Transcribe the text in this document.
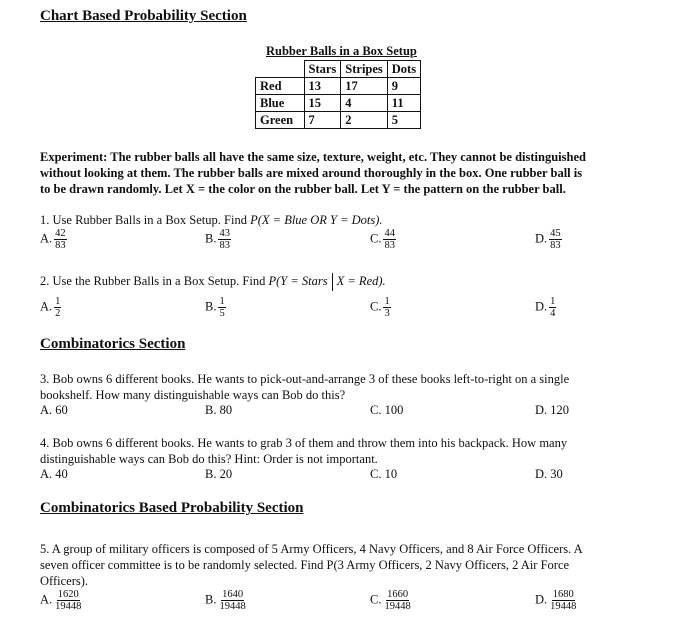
Chart Based Probability Section
Rubber Balls in a Box Setup
	Stars	Stripes	Dots
Red	13	17	9
Blue	15	4	11
Green	7	2	5
Experiment: The rubber balls all have the same size, texture, weight, etc. They cannot be distinguished
without looking at them. The rubber balls are mixed around thoroughly in the box. One rubber ball is
to be drawn randomly. Let X = the color on the rubber ball. Let Y = the pattern on the rubber ball.
1. Use Rubber Balls in a Box Setup. Find P(X = Blue OR Y = Dots).
A. $\frac{42}{83}$	B. $\frac{43}{83}$	C. $\frac{44}{83}$	D. $\frac{45}{83}$
2. Use the Rubber Balls in a Box Setup. Find P(Y = Stars X = Red).
A. $\frac{1}{2}$	B. $\frac{1}{5}$	C. $\frac{1}{3}$	D. $\frac{1}{4}$
Combinatorics Section
3. Bob owns 6 different books. He wants to pick-out-and-arrange 3 of these books left-to-right on a single
bookshelf. How many distinguishable ways can Bob do this?
A. 60	B. 80	C. 100	D. 120
4. Bob owns 6 different books. He wants to grab 3 of them and throw them into his backpack. How many
distinguishable ways can Bob do this? Hint: Order is not important.
A. 40	B. 20	C. 10	D. 30
Combinatorics Based Probability Section
5. A group of military officers is composed of 5 Army Officers, 4 Navy Officers, and 8 Air Force Officers. A
seven officer committee is to be randomly selected. Find P(3 Army Officers, 2 Navy Officers, 2 Air Force
Officers).
A. $\frac{1620}{19448}$	B. $\frac{1640}{19448}$	C. $\frac{1660}{19448}$	D. $\frac{1680}{19448}$
